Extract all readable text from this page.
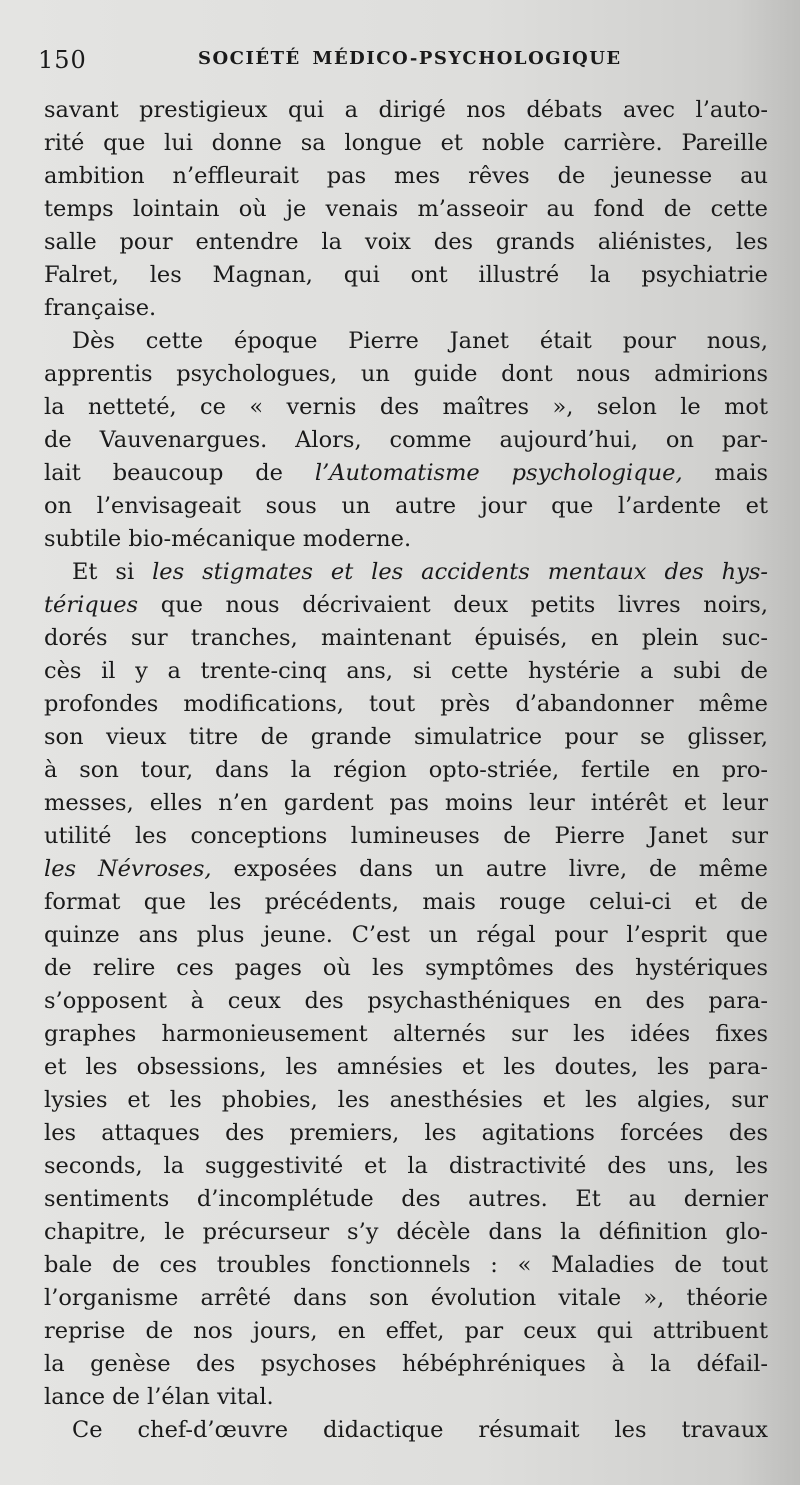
150	SOCIÉTÉ MÉDICO-PSYCHOLOGIQUE
savant prestigieux qui a dirigé nos débats avec l’auto-
rité que lui donne sa longue et noble carrière. Pareille
ambition n’effleurait pas mes rêves de jeunesse au
temps lointain où je venais m’asseoir au fond de cette
salle pour entendre la voix des grands aliénistes, les
Falret, les Magnan, qui ont illustré la psychiatrie
française.
Dès cette époque Pierre Janet était pour nous,
apprentis psychologues, un guide dont nous admirions
la netteté, ce « vernis des maîtres », selon le mot
de Vauvenargues. Alors, comme aujourd’hui, on par-
lait beaucoup de l’Automatisme psychologique, mais
on l’envisageait sous un autre jour que l’ardente et
subtile bio-mécanique moderne.
Et si les stigmates et les accidents mentaux des hys-
tériques que nous décrivaient deux petits livres noirs,
dorés sur tranches, maintenant épuisés, en plein suc-
cès il y a trente-cinq ans, si cette hystérie a subi de
profondes modifications, tout près d’abandonner même
son vieux titre de grande simulatrice pour se glisser,
à son tour, dans la région opto-striée, fertile en pro-
messes, elles n’en gardent pas moins leur intérêt et leur
utilité les conceptions lumineuses de Pierre Janet sur
les Névroses, exposées dans un autre livre, de même
format que les précédents, mais rouge celui-ci et de
quinze ans plus jeune. C’est un régal pour l’esprit que
de relire ces pages où les symptômes des hystériques
s’opposent à ceux des psychasthéniques en des para-
graphes harmonieusement alternés sur les idées fixes
et les obsessions, les amnésies et les doutes, les para-
lysies et les phobies, les anesthésies et les algies, sur
les attaques des premiers, les agitations forcées des
seconds, la suggestivité et la distractivité des uns, les
sentiments d’incomplétude des autres. Et au dernier
chapitre, le précurseur s’y décèle dans la définition glo-
bale de ces troubles fonctionnels : « Maladies de tout
l’organisme arrêté dans son évolution vitale », théorie
reprise de nos jours, en effet, par ceux qui attribuent
la genèse des psychoses hébéphréniques à la défail-
lance de l’élan vital.
Ce chef-d’œuvre didactique résumait les travaux
